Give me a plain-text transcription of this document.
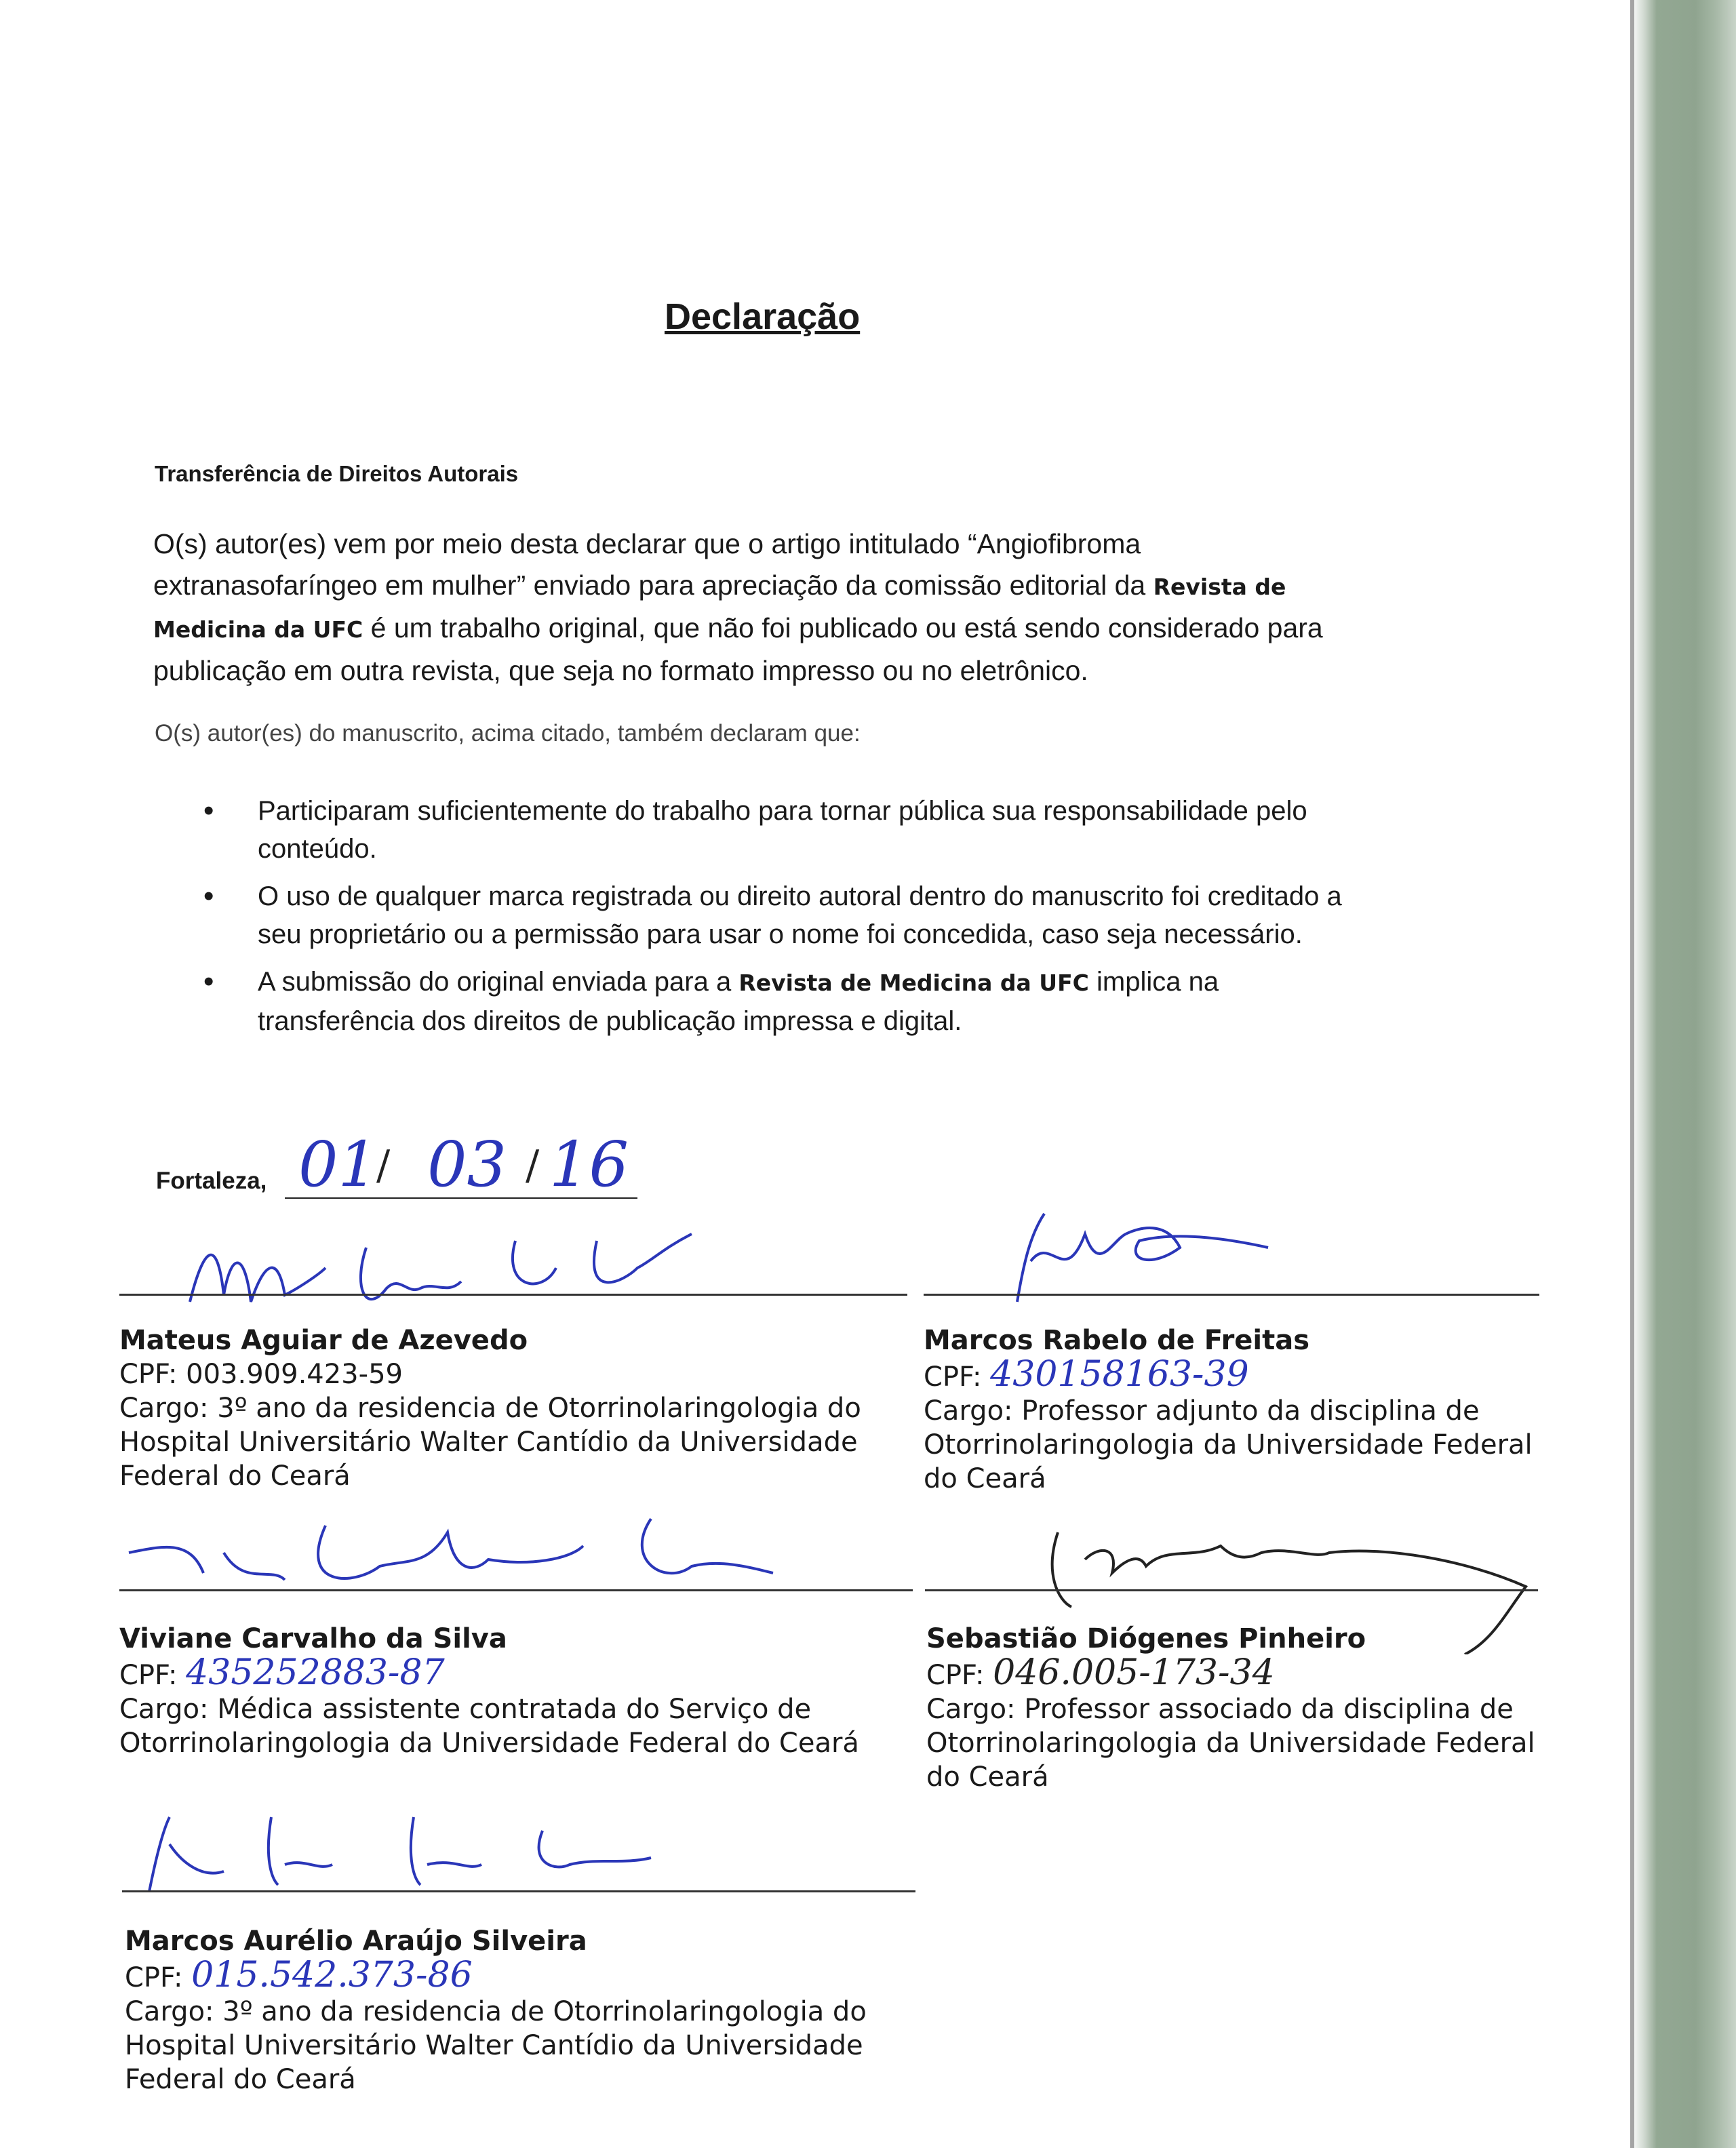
Declaração
Transferência de Direitos Autorais
O(s) autor(es) vem por meio desta declarar que o artigo intitulado “Angiofibroma extranasofaríngeo em mulher” enviado para apreciação da comissão editorial da Revista de Medicina da UFC é um trabalho original, que não foi publicado ou está sendo considerado para publicação em outra revista, que seja no formato impresso ou no eletrônico.
O(s) autor(es) do manuscrito, acima citado, também declaram que:
• Participaram suficientemente do trabalho para tornar pública sua responsabilidade pelo conteúdo.
• O uso de qualquer marca registrada ou direito autoral dentro do manuscrito foi creditado a seu proprietário ou a permissão para usar o nome foi concedida, caso seja necessário.
• A submissão do original enviada para a Revista de Medicina da UFC implica na transferência dos direitos de publicação impressa e digital.
Fortaleza, 01
/ 03 / 16
Mateus Aguiar de Azevedo
CPF: 003.909.423-59
Cargo: 3º ano da residencia de Otorrinolaringologia do Hospital Universitário Walter Cantídio da Universidade Federal do Ceará
Marcos Rabelo de Freitas
CPF: 430158163-39
Cargo: Professor adjunto da disciplina de Otorrinolaringologia da Universidade Federal do Ceará
Viviane Carvalho da Silva
CPF: 435252883-87
Cargo: Médica assistente contratada do Serviço de Otorrinolaringologia da Universidade Federal do Ceará
Sebastião Diógenes Pinheiro
CPF: 046.005-173-34
Cargo: Professor associado da disciplina de Otorrinolaringologia da Universidade Federal do Ceará
Marcos Aurélio Araújo Silveira
CPF: 015.542.373-86
Cargo: 3º ano da residencia de Otorrinolaringologia do Hospital Universitário Walter Cantídio da Universidade Federal do Ceará
